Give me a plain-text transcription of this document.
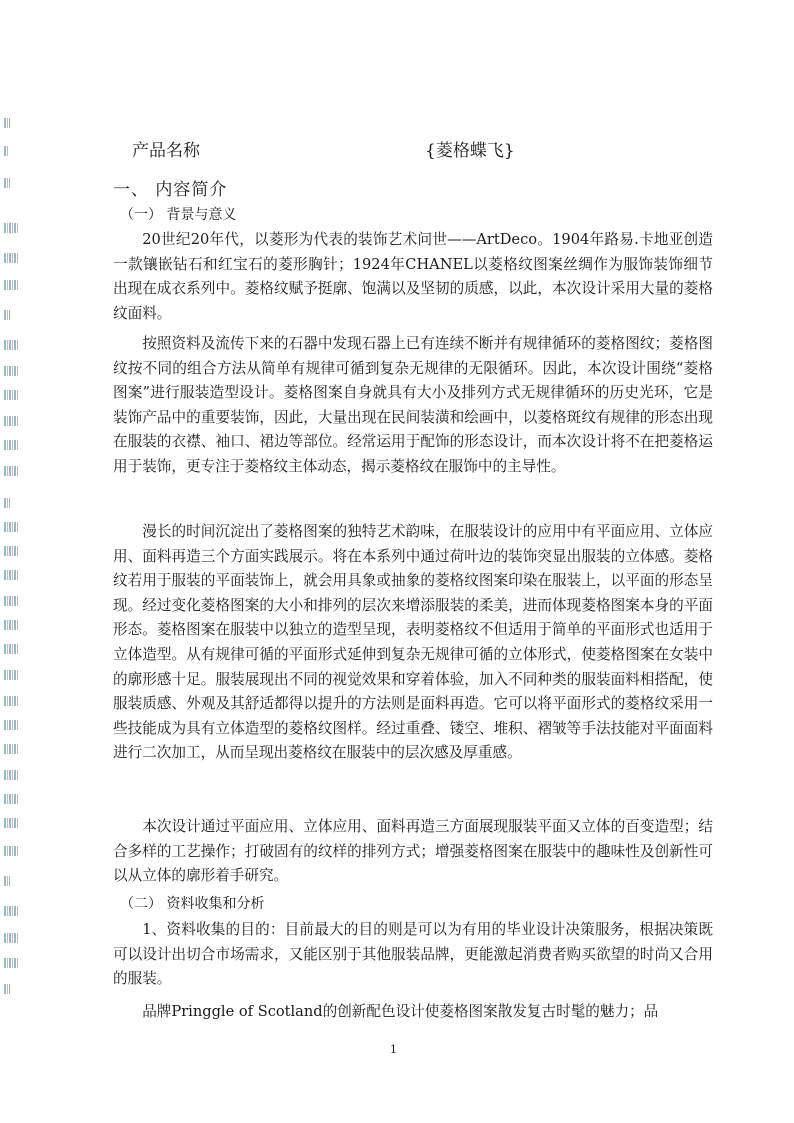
产品名称	{菱格蝶飞}
一、 内容简介
（一） 背景与意义

20世纪20年代，以菱形为代表的装饰艺术问世——ArtDeco。1904年路易.卡地亚创造一款镶嵌钻石和红宝石的菱形胸针；1924年CHANEL以菱格纹图案丝绸作为服饰装饰细节出现在成衣系列中。菱格纹赋予挺廓、饱满以及坚韧的质感，以此，本次设计采用大量的菱格纹面料。

按照资料及流传下来的石器中发现石器上已有连续不断并有规律循环的菱格图纹；菱格图纹按不同的组合方法从简单有规律可循到复杂无规律的无限循环。因此，本次设计围绕“菱格图案”进行服装造型设计。菱格图案自身就具有大小及排列方式无规律循环的历史光环，它是装饰产品中的重要装饰，因此，大量出现在民间装潢和绘画中，以菱格斑纹有规律的形态出现在服装的衣襟、袖口、裙边等部位。经常运用于配饰的形态设计，而本次设计将不在把菱格运用于装饰，更专注于菱格纹主体动态，揭示菱格纹在服饰中的主导性。

漫长的时间沉淀出了菱格图案的独特艺术韵味，在服装设计的应用中有平面应用、立体应用、面料再造三个方面实践展示。将在本系列中通过荷叶边的装饰突显出服装的立体感。菱格纹若用于服装的平面装饰上，就会用具象或抽象的菱格纹图案印染在服装上，以平面的形态呈现。经过变化菱格图案的大小和排列的层次来增添服装的柔美，进而体现菱格图案本身的平面形态。菱格图案在服装中以独立的造型呈现，表明菱格纹不但适用于简单的平面形式也适用于立体造型。从有规律可循的平面形式延伸到复杂无规律可循的立体形式，使菱格图案在女装中的廓形感十足。服装展现出不同的视觉效果和穿着体验，加入不同种类的服装面料相搭配，使服装质感、外观及其舒适都得以提升的方法则是面料再造。它可以将平面形式的菱格纹采用一些技能成为具有立体造型的菱格纹图样。经过重叠、镂空、堆积、褶皱等手法技能对平面面料进行二次加工，从而呈现出菱格纹在服装中的层次感及厚重感。

本次设计通过平面应用、立体应用、面料再造三方面展现服装平面又立体的百变造型；结合多样的工艺操作；打破固有的纹样的排列方式；增强菱格图案在服装中的趣味性及创新性可以从立体的廓形着手研究。

（二） 资料收集和分析

1、资料收集的目的：目前最大的目的则是可以为有用的毕业设计决策服务，根据决策既可以设计出切合市场需求，又能区别于其他服装品牌，更能激起消费者购买欲望的时尚又合用的服装。

品牌Pringgle of Scotland的创新配色设计使菱格图案散发复古时髦的魅力；品

1
